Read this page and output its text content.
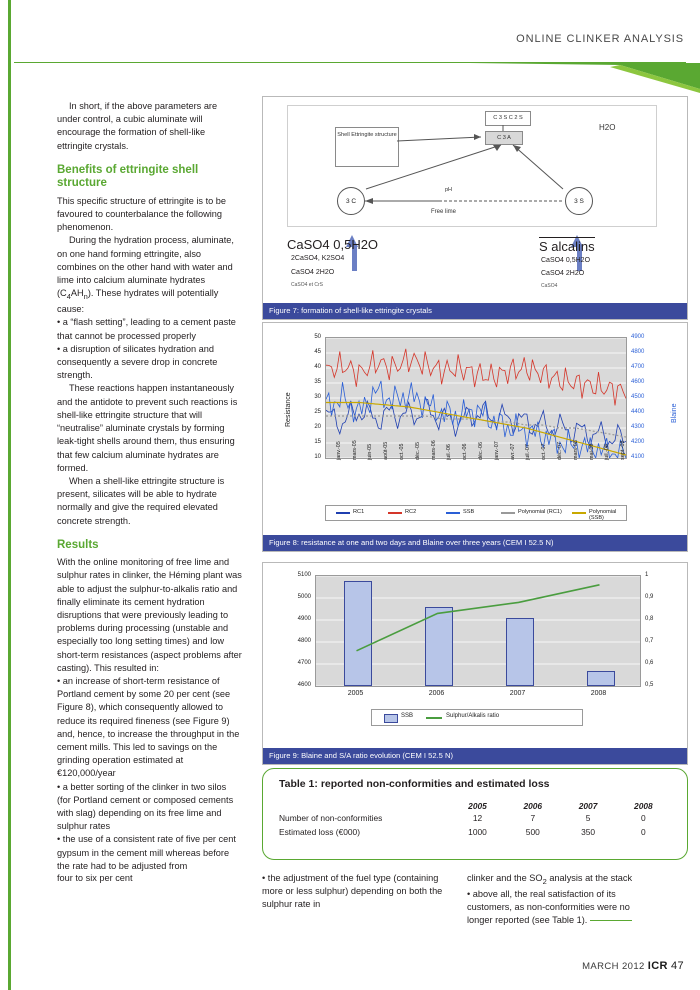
ONLINE CLINKER ANALYSIS

In short, if the above parameters are under control, a cubic aluminate will encourage the formation of shell-like ettringite crystals.

Benefits of ettringite shell structure

This specific structure of ettringite is to be favoured to counterbalance the following phenomenon.

During the hydration process, aluminate, on one hand forming ettringite, also combines on the other hand with water and lime into calcium aluminate hydrates $(C_4AH_n)$. These hydrates will potentially cause:

• a “flash setting”, leading to a cement paste that cannot be processed properly

• a disruption of silicates hydration and consequently a severe drop in concrete strength.

These reactions happen instantaneously and the antidote to prevent such reactions is shell-like ettringite structure that will “neutralise” aluminate crystals by forming leak-tight shells around them, thus ensuring that few calcium aluminate hydrates are formed.

When a shell-like ettringite structure is present, silicates will be able to hydrate normally and give the required elevated concrete strength.

Results

With the online monitoring of free lime and sulphur rates in clinker, the Héming plant was able to adjust the sulphur-to-alkalis ratio and finally eliminate its cement hydration disruptions that were previously leading to problems during processing (unstable and especially too long setting times) and low short-term resistances (aspect problems after casting). This resulted in:

• an increase of short-term resistance of Portland cement by some 20 per cent (see Figure 8), which consequently allowed to reduce its required fineness (see Figure 9) and, hence, to increase the throughput in the cement mills. This led to savings on the grinding operation estimated at €120,000/year

• a better sorting of the clinker in two silos (for Portland cement or composed cements with slag) depending on its free lime and sulphur rates

• the use of a consistent rate of five per cent gypsum in the cement mill whereas before the rate had to be adjusted from

Shell Ettringite structure
C 3 S C 2 S
C 3 A
H2O
3 C	3 S
pH
Free lime
CaSO4 0,5H2O
2CaSO4, K2SO4
CaSO4 2H2O
CaSO4 et CrS
S alcalins
CaSO4 0,5H2O
CaSO4 2H2O
CaSO4
Figure 7: formation of shell-like ettringite crystals
10
15
20
25
30
35
40
45
50
4100
4200
4300
4400
4500
4600
4700
4800
4900
janv.-05 mars-05 juin-05 août-05 oct.-05 déc.-05 mars-06 juil.-06 oct.-06 déc.-06 janv.-07 avr.-07 juil.-07 oct.-07 déc.-07 mars-08 mai-08 juil.-08 sept.-08
Resistance	Blaine
RC1	RC2	SSB	Polynomial (RC1)	Polynomial (SSB)
Figure 8: resistance at one and two days and Blaine over three years (CEM I 52.5 N)
4600
4700
4800
4900
5000
5100
0,5
0,6
0,7
0,8
0,9
1
2005	2006	2007	2008
SSB	Sulphur/Alkalis ratio
Figure 9: Blaine and S/A ratio evolution (CEM I 52.5 N)
Table 1: reported non-conformities and estimated loss
	2005	2006	2007	2008
Number of non-conformities	12	7	5	0
Estimated loss (€000)	1000	500	350	0

four to six per cent	• the adjustment of the fuel type (containing more or less sulphur) depending on both the sulphur rate in

clinker and the $SO_2$ analysis at the stack

• above all, the real satisfaction of its customers, as non-conformities were no longer reported (see Table 1).

MARCH 2012 ICR 47
